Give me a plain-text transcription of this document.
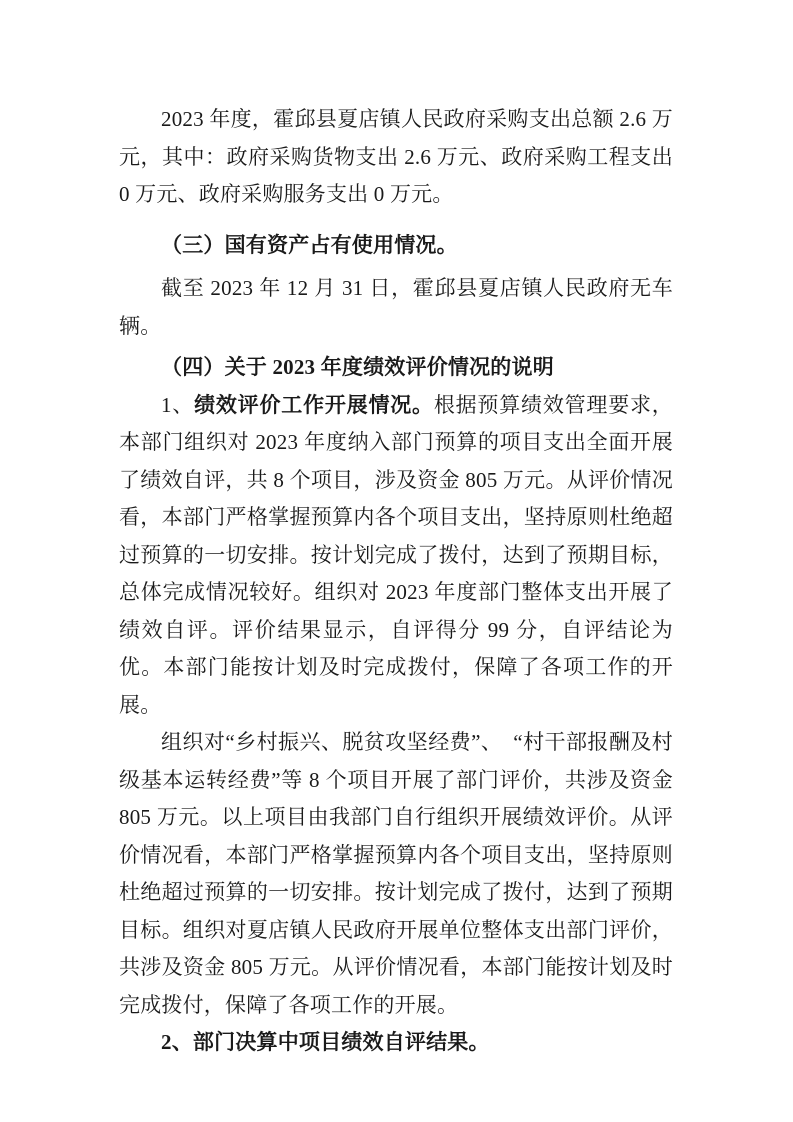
2023 年度，霍邱县夏店镇人民政府采购支出总额 2.6 万元，其中：政府采购货物支出 2.6 万元、政府采购工程支出 0 万元、政府采购服务支出 0 万元。

（三）国有资产占有使用情况。

截至 2023 年 12 月 31 日，霍邱县夏店镇人民政府无车辆。

（四）关于 2023 年度绩效评价情况的说明

1、绩效评价工作开展情况。根据预算绩效管理要求，本部门组织对 2023 年度纳入部门预算的项目支出全面开展了绩效自评，共 8 个项目，涉及资金 805 万元。从评价情况看，本部门严格掌握预算内各个项目支出，坚持原则杜绝超过预算的一切安排。按计划完成了拨付，达到了预期目标，总体完成情况较好。组织对 2023 年度部门整体支出开展了绩效自评。评价结果显示，自评得分 99 分，自评结论为优。本部门能按计划及时完成拨付，保障了各项工作的开展。

组织对“乡村振兴、脱贫攻坚经费”、　“村干部报酬及村级基本运转经费”等 8 个项目开展了部门评价，共涉及资金 805 万元。以上项目由我部门自行组织开展绩效评价。从评价情况看，本部门严格掌握预算内各个项目支出，坚持原则杜绝超过预算的一切安排。按计划完成了拨付，达到了预期目标。组织对夏店镇人民政府开展单位整体支出部门评价，共涉及资金 805 万元。从评价情况看，本部门能按计划及时完成拨付，保障了各项工作的开展。

2、部门决算中项目绩效自评结果。
